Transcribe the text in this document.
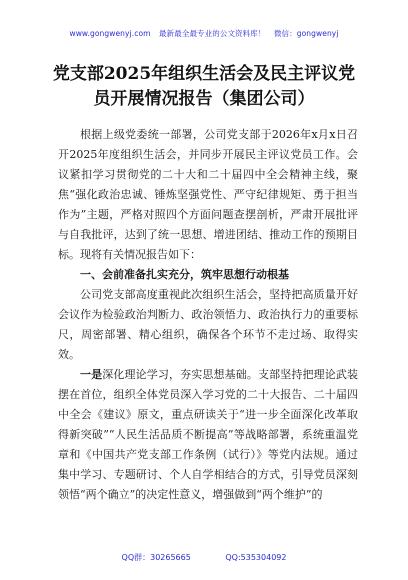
www.gongwenyj.com 最新最全最专业的公文资料库！ 微信：gongwenyj
党支部2025年组织生活会及民主评议党
员开展情况报告（集团公司）

根据上级党委统一部署，公司党支部于2026年x月x日召开2025年度组织生活会，并同步开展民主评议党员工作。会议紧扣学习贯彻党的二十大和二十届四中全会精神主线，聚焦“强化政治忠诚、锤炼坚强党性、严守纪律规矩、勇于担当作为”主题，严格对照四个方面问题查摆剖析，严肃开展批评与自我批评，达到了统一思想、增进团结、推动工作的预期目标。现将有关情况报告如下：

一、会前准备扎实充分，筑牢思想行动根基

公司党支部高度重视此次组织生活会，坚持把高质量开好会议作为检验政治判断力、政治领悟力、政治执行力的重要标尺，周密部署、精心组织，确保各个环节不走过场、取得实效。

一是深化理论学习，夯实思想基础。支部坚持把理论武装摆在首位，组织全体党员深入学习党的二十大报告、二十届四中全会《建议》原文，重点研读关于“进一步全面深化改革取得新突破”“人民生活品质不断提高”等战略部署，系统重温党章和《中国共产党支部工作条例（试行）》等党内法规。通过集中学习、专题研讨、个人自学相结合的方式，引导党员深刻领悟“两个确立”的决定性意义，增强做到“两个维护”的

QQ群：30265665	QQ:535304092
